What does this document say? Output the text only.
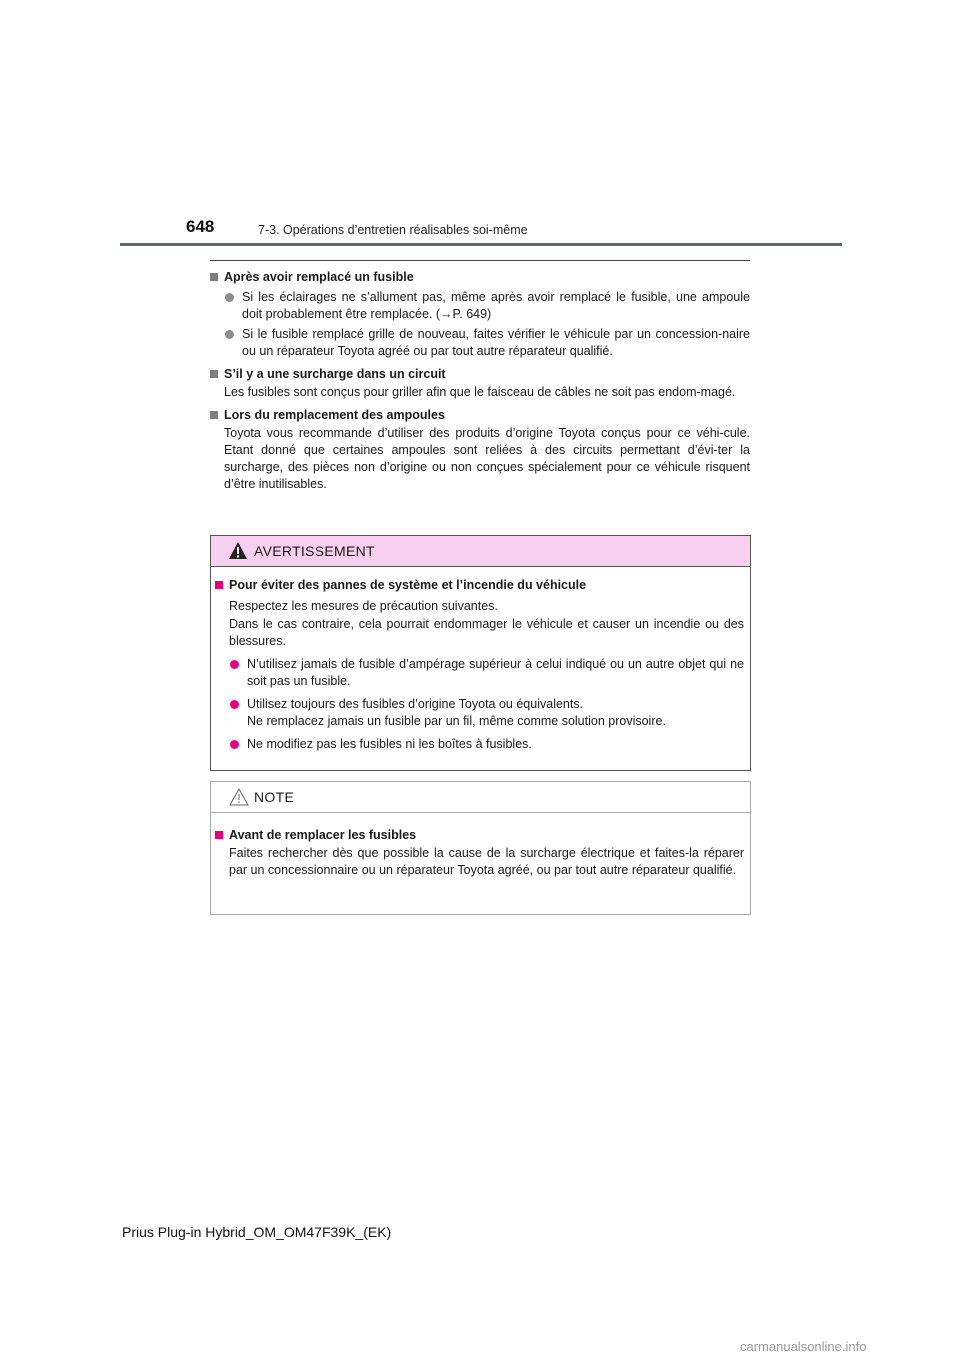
648	7-3. Opérations d’entretien réalisables soi-même
Après avoir remplacé un fusible
Si les éclairages ne s’allument pas, même après avoir remplacé le fusible, une ampoule doit probablement être remplacée. (→P. 649)
Si le fusible remplacé grille de nouveau, faites vérifier le véhicule par un concession-naire ou un réparateur Toyota agréé ou par tout autre réparateur qualifié.
S’il y a une surcharge dans un circuit
Les fusibles sont conçus pour griller afin que le faisceau de câbles ne soit pas endom-magé.
Lors du remplacement des ampoules
Toyota vous recommande d’utiliser des produits d’origine Toyota conçus pour ce véhi-cule. Etant donné que certaines ampoules sont reliées à des circuits permettant d’évi-ter la surcharge, des pièces non d’origine ou non conçues spécialement pour ce véhicule risquent d’être inutilisables.
AVERTISSEMENT
Pour éviter des pannes de système et l’incendie du véhicule
Respectez les mesures de précaution suivantes.
Dans le cas contraire, cela pourrait endommager le véhicule et causer un incendie ou des blessures.
N’utilisez jamais de fusible d’ampérage supérieur à celui indiqué ou un autre objet qui ne soit pas un fusible.
Utilisez toujours des fusibles d’origine Toyota ou équivalents.
Ne remplacez jamais un fusible par un fil, même comme solution provisoire.
Ne modifiez pas les fusibles ni les boîtes à fusibles.
NOTE
Avant de remplacer les fusibles
Faites rechercher dès que possible la cause de la surcharge électrique et faites-la réparer par un concessionnaire ou un réparateur Toyota agréé, ou par tout autre réparateur qualifié.
Prius Plug-in Hybrid_OM_OM47F39K_(EK)
carmanualsonline.info
